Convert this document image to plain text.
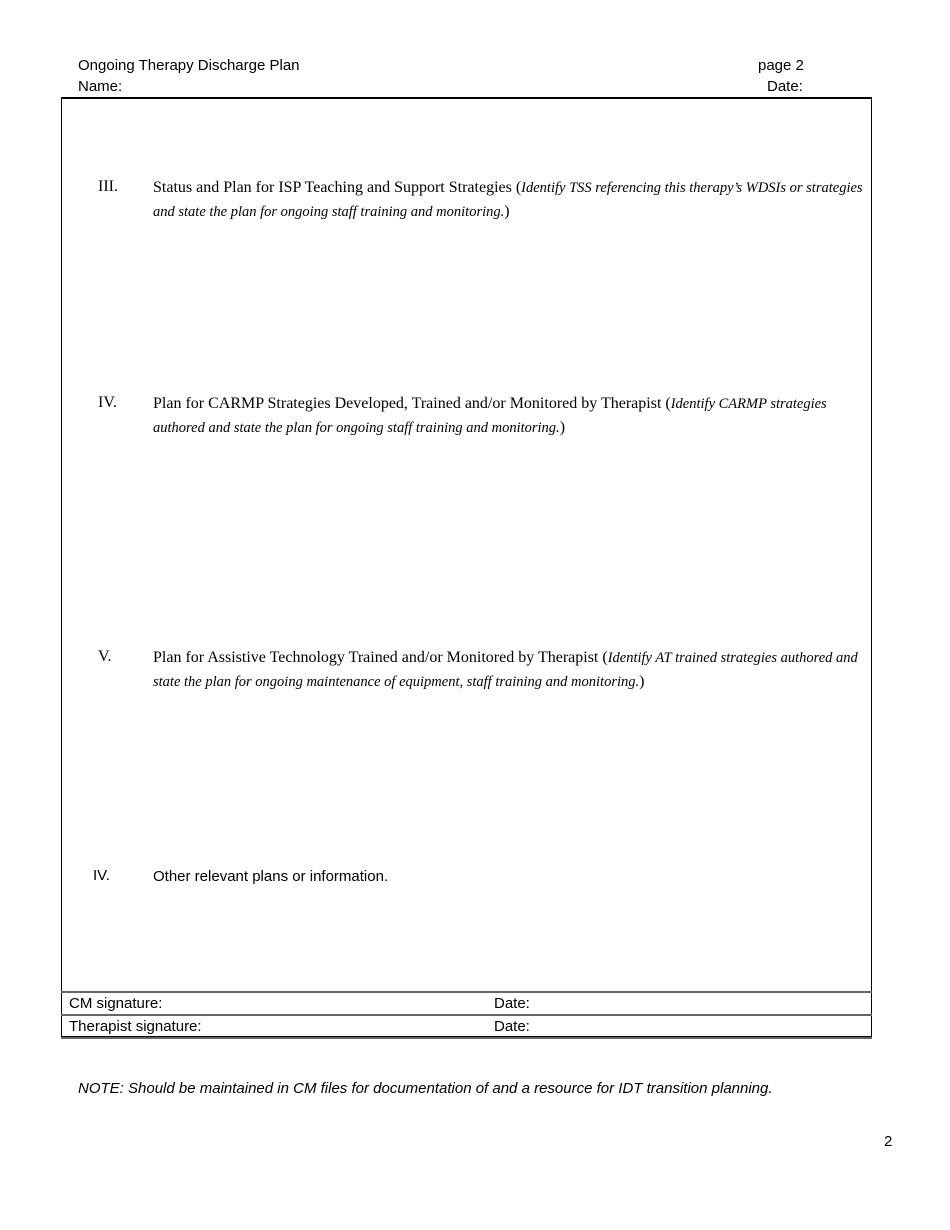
Ongoing Therapy Discharge Plan	page 2
Name:	Date:
III. Status and Plan for ISP Teaching and Support Strategies (Identify TSS referencing this therapy’s WDSIs or strategies and state the plan for ongoing staff training and monitoring.)
IV. Plan for CARMP Strategies Developed, Trained and/or Monitored by Therapist (Identify CARMP strategies authored and state the plan for ongoing staff training and monitoring.)
V.	Plan for Assistive Technology Trained and/or Monitored by Therapist (Identify AT trained strategies authored and state the plan for ongoing maintenance of equipment, staff training and monitoring.)
IV.	Other relevant plans or information.
CM signature:	Date:
Therapist signature:	Date:
NOTE: Should be maintained in CM files for documentation of and a resource for IDT transition planning.
2
